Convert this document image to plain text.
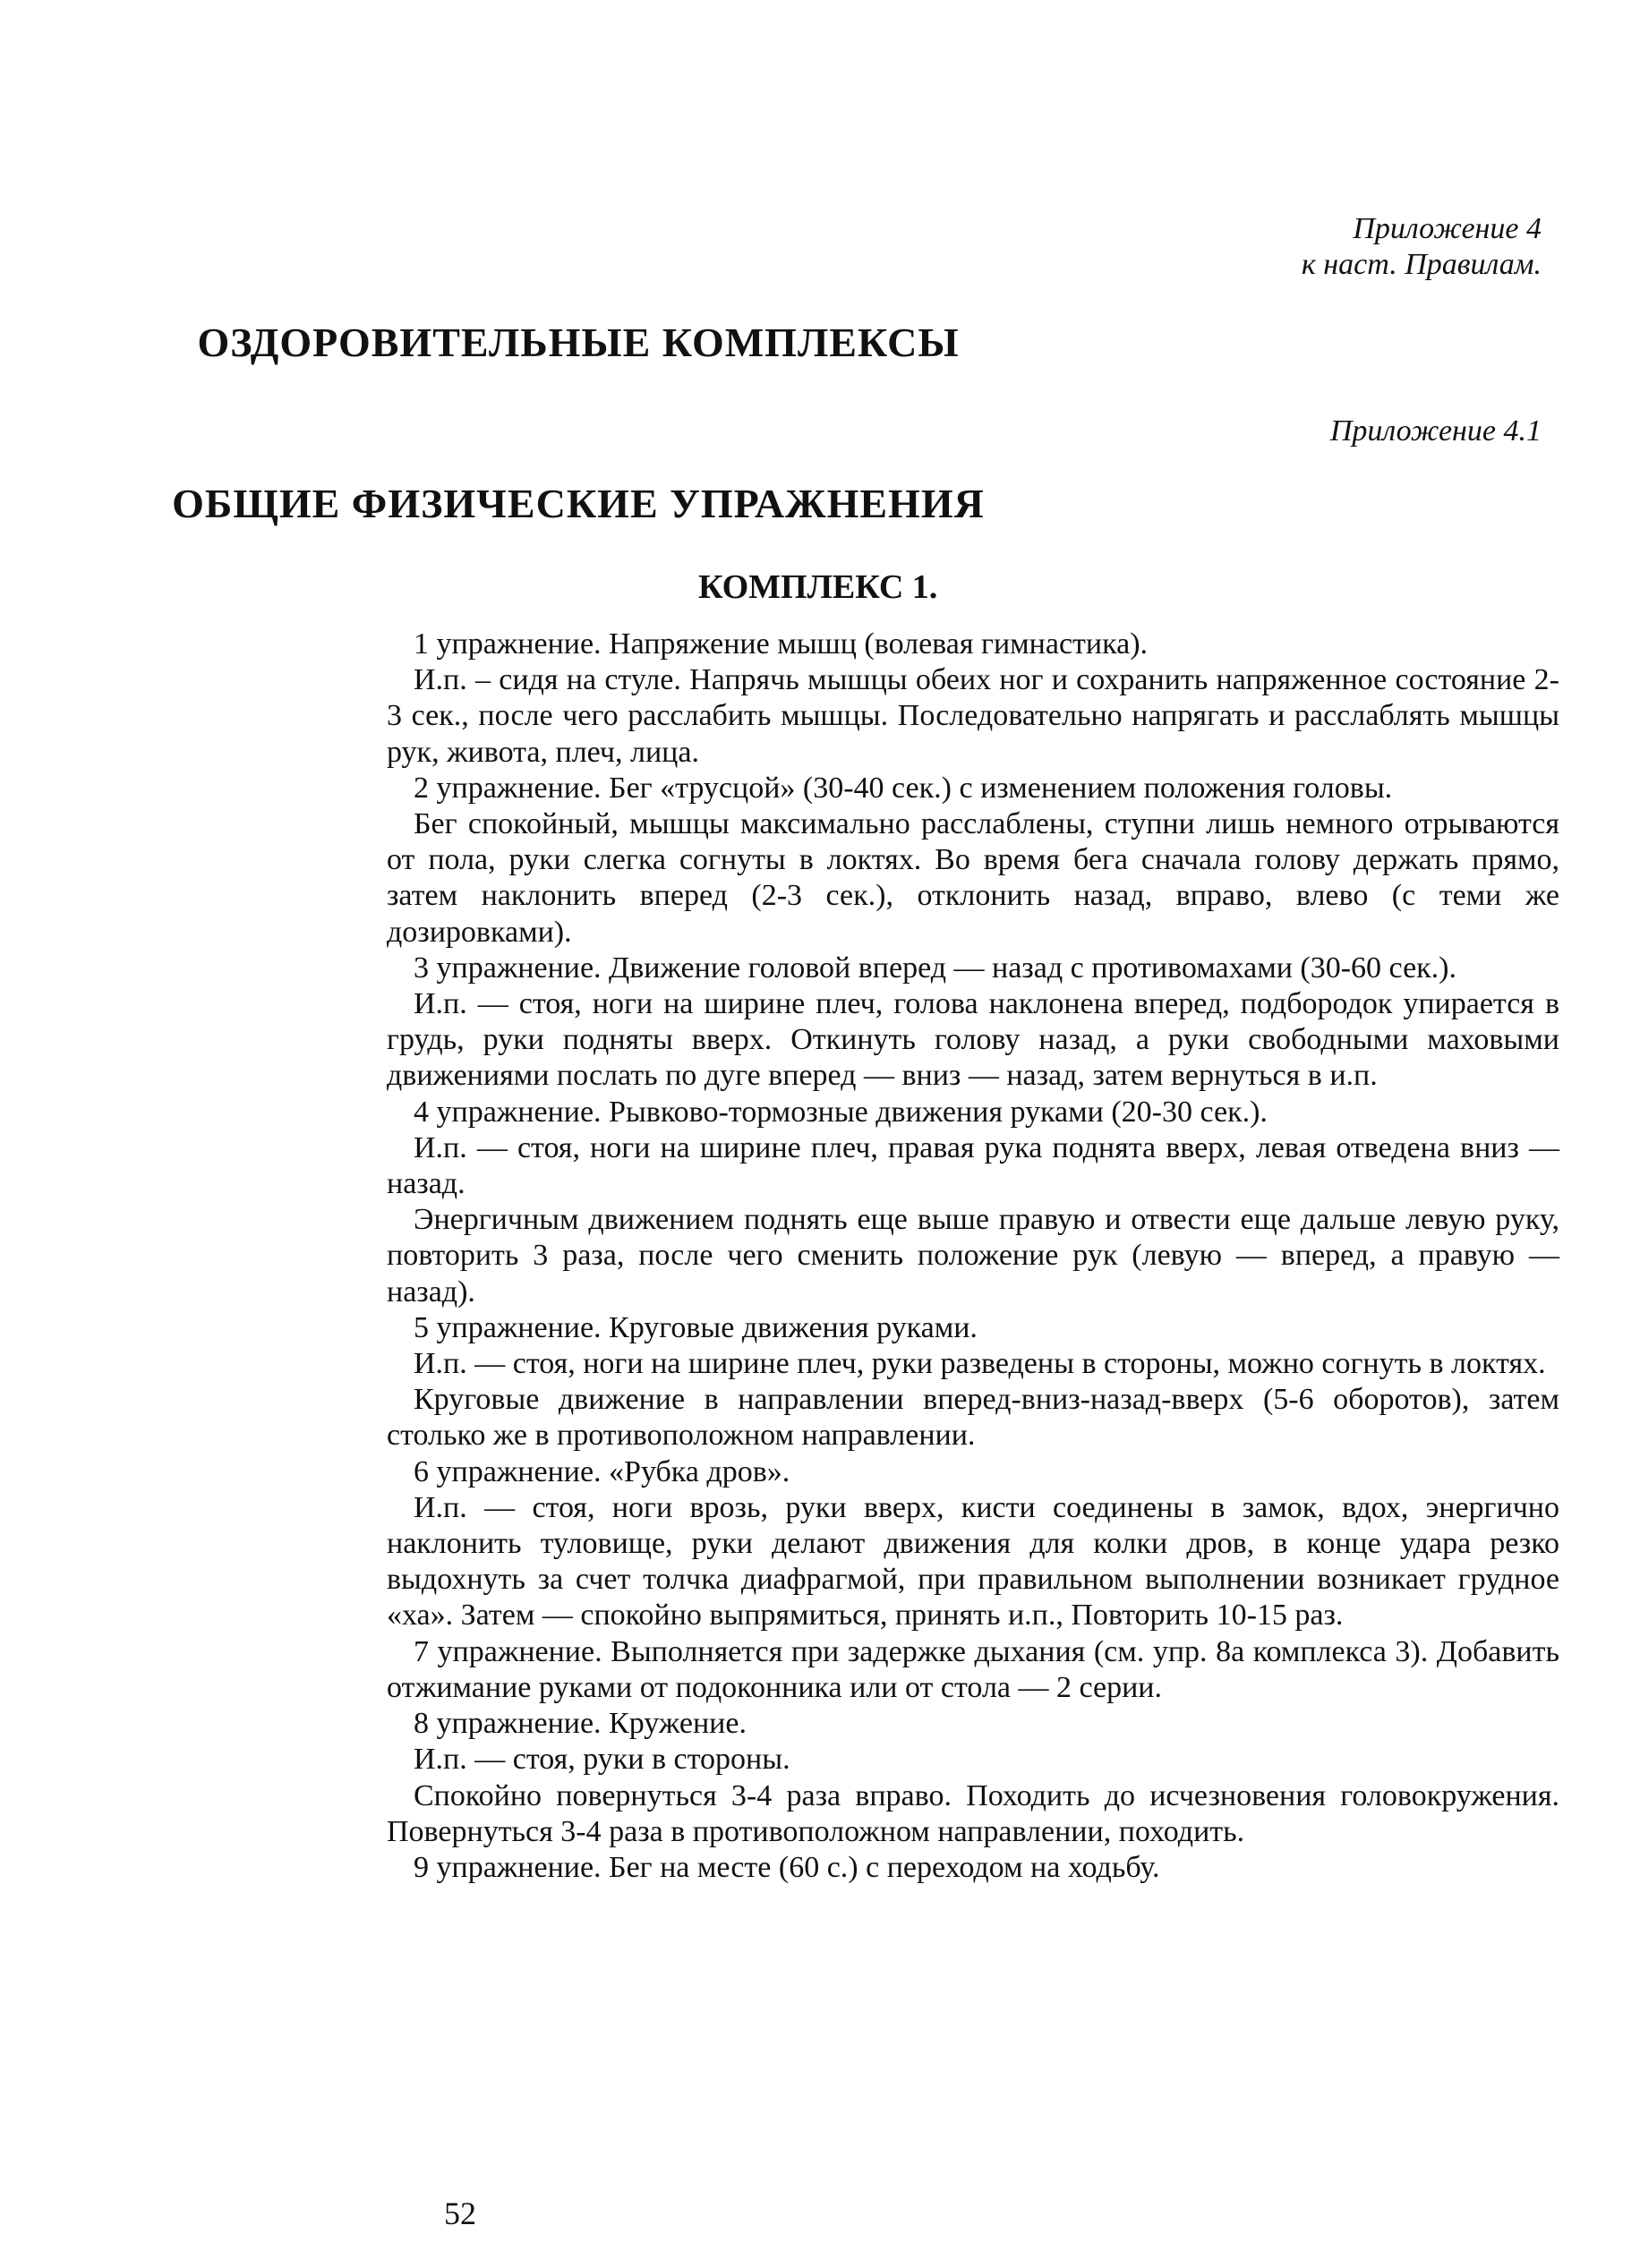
Приложение 4
к наст. Правилам.
ОЗДОРОВИТЕЛЬНЫЕ КОМПЛЕКСЫ
Приложение 4.1
ОБЩИЕ ФИЗИЧЕСКИЕ УПРАЖНЕНИЯ
КОМПЛЕКС 1.

1 упражнение. Напряжение мышц (волевая гимнастика).

И.п. – сидя на стуле. Напрячь мышцы обеих ног и сохранить напряженное состояние 2-3 сек., после чего расслабить мышцы. Последовательно напрягать и расслаблять мышцы рук, живота, плеч, лица.

2 упражнение. Бег «трусцой» (30-40 сек.) с изменением положения головы.

Бег спокойный, мышцы максимально расслаблены, ступни лишь немного отрываются от пола, руки слегка согнуты в локтях. Во время бега сначала голову держать прямо, затем наклонить вперед (2-3 сек.), отклонить назад, вправо, влево (с теми же дозировками).

3 упражнение. Движение головой вперед — назад с противомахами (30-60 сек.).

И.п. — стоя, ноги на ширине плеч, голова наклонена вперед, подбородок упирается в грудь, руки подняты вверх. Откинуть голову назад, а руки свободными маховыми движениями послать по дуге вперед — вниз — назад, затем вернуться в и.п.

4 упражнение. Рывково-тормозные движения руками (20-30 сек.).

И.п. — стоя, ноги на ширине плеч, правая рука поднята вверх, левая отведена вниз — назад.

Энергичным движением поднять еще выше правую и отвести еще дальше левую руку, повторить 3 раза, после чего сменить положение рук (левую — вперед, а правую — назад).

5 упражнение. Круговые движения руками.

И.п. — стоя, ноги на ширине плеч, руки разведены в стороны, можно согнуть в локтях.

Круговые движение в направлении вперед-вниз-назад-вверх (5-6 оборотов), затем столько же в противоположном направлении.

6 упражнение. «Рубка дров».

И.п. — стоя, ноги врозь, руки вверх, кисти соединены в замок, вдох, энергично наклонить туловище, руки делают движения для колки дров, в конце удара резко выдохнуть за счет толчка диафрагмой, при правильном выполнении возникает грудное «ха». Затем — спокойно выпрямиться, принять и.п., Повторить 10-15 раз.

7 упражнение. Выполняется при задержке дыхания (см. упр. 8а комплекса 3). Добавить отжимание руками от подоконника или от стола — 2 серии.

8 упражнение. Кружение.

И.п. — стоя, руки в стороны.

Спокойно повернуться 3-4 раза вправо. Походить до исчезновения головокружения. Повернуться 3-4 раза в противоположном направлении, походить.

9 упражнение. Бег на месте (60 с.) с переходом на ходьбу.

52
